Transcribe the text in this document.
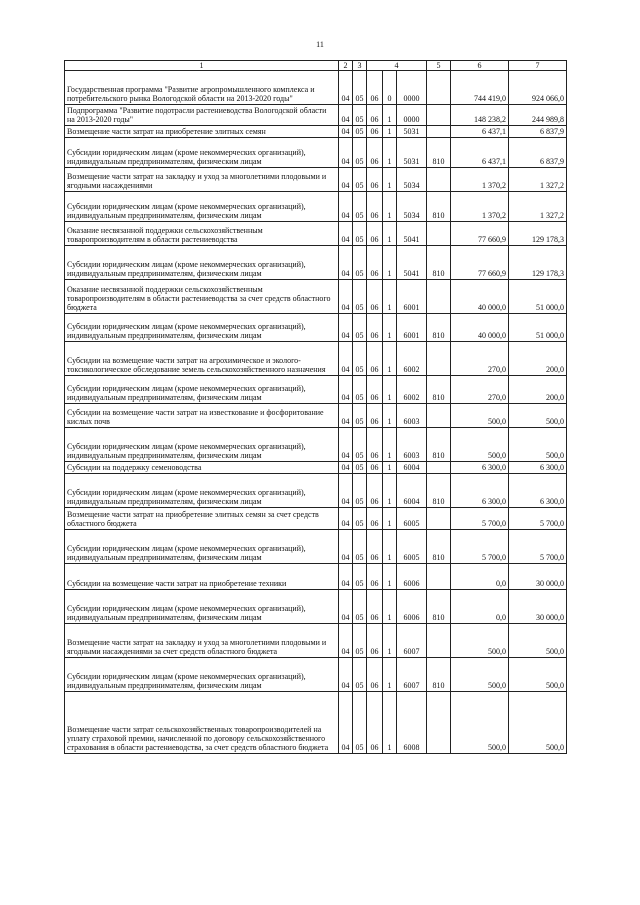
11
1	2	3	4			5	6	7
Государственная программа "Развитие агропромышленного комплекса и потребительского рынка Вологодской области на 2013-2020 годы"	04	05	06	0	0000		744 419,0	924 066,0
Подпрограмма "Развитие подотрасли растениеводства Вологодской области на 2013-2020 годы"	04	05	06	1	0000		148 238,2	244 989,8
Возмещение части затрат на приобретение элитных семян	04	05	06	1	5031		6 437,1	6 837,9
Субсидии юридическим лицам (кроме некоммерческих организаций), индивидуальным предпринимателям, физическим лицам	04	05	06	1	5031	810	6 437,1	6 837,9
Возмещение части затрат на закладку и уход за многолетними плодовыми и ягодными насаждениями	04	05	06	1	5034		1 370,2	1 327,2
Субсидии юридическим лицам (кроме некоммерческих организаций), индивидуальным предпринимателям, физическим лицам	04	05	06	1	5034	810	1 370,2	1 327,2
Оказание несвязанной поддержки сельскохозяйственным товаропроизводителям в области растениеводства	04	05	06	1	5041		77 660,9	129 178,3
Субсидии юридическим лицам (кроме некоммерческих организаций), индивидуальным предпринимателям, физическим лицам	04	05	06	1	5041	810	77 660,9	129 178,3
Оказание несвязанной поддержки сельскохозяйственным товаропроизводителям в области растениеводства за счет средств областного бюджета	04	05	06	1	6001		40 000,0	51 000,0
Субсидии юридическим лицам (кроме некоммерческих организаций), индивидуальным предпринимателям, физическим лицам	04	05	06	1	6001	810	40 000,0	51 000,0
Субсидии на возмещение части затрат на агрохимическое и эколого-токсикологическое обследование земель сельскохозяйственного назначения	04	05	06	1	6002		270,0	200,0
Субсидии юридическим лицам (кроме некоммерческих организаций), индивидуальным предпринимателям, физическим лицам	04	05	06	1	6002	810	270,0	200,0
Субсидии на возмещение части затрат на известкование и фосфоритование кислых почв	04	05	06	1	6003		500,0	500,0
Субсидии юридическим лицам (кроме некоммерческих организаций), индивидуальным предпринимателям, физическим лицам	04	05	06	1	6003	810	500,0	500,0
Субсидии на поддержку семеноводства	04	05	06	1	6004		6 300,0	6 300,0
Субсидии юридическим лицам (кроме некоммерческих организаций), индивидуальным предпринимателям, физическим лицам	04	05	06	1	6004	810	6 300,0	6 300,0
Возмещение части затрат на приобретение элитных семян за счет средств областного бюджета	04	05	06	1	6005		5 700,0	5 700,0
Субсидии юридическим лицам (кроме некоммерческих организаций), индивидуальным предпринимателям, физическим лицам	04	05	06	1	6005	810	5 700,0	5 700,0
Субсидии на возмещение части затрат на приобретение техники	04	05	06	1	6006		0,0	30 000,0
Субсидии юридическим лицам (кроме некоммерческих организаций), индивидуальным предпринимателям, физическим лицам	04	05	06	1	6006	810	0,0	30 000,0
Возмещение части затрат на закладку и уход за многолетними плодовыми и ягодными насаждениями за счет средств областного бюджета	04	05	06	1	6007		500,0	500,0
Субсидии юридическим лицам (кроме некоммерческих организаций), индивидуальным предпринимателям, физическим лицам	04	05	06	1	6007	810	500,0	500,0
Возмещение части затрат сельскохозяйственных товаропроизводителей на уплату страховой премии, начисленной по договору сельскохозяйственного страхования в области растениеводства, за счет средств областного бюджета	04	05	06	1	6008		500,0	500,0
